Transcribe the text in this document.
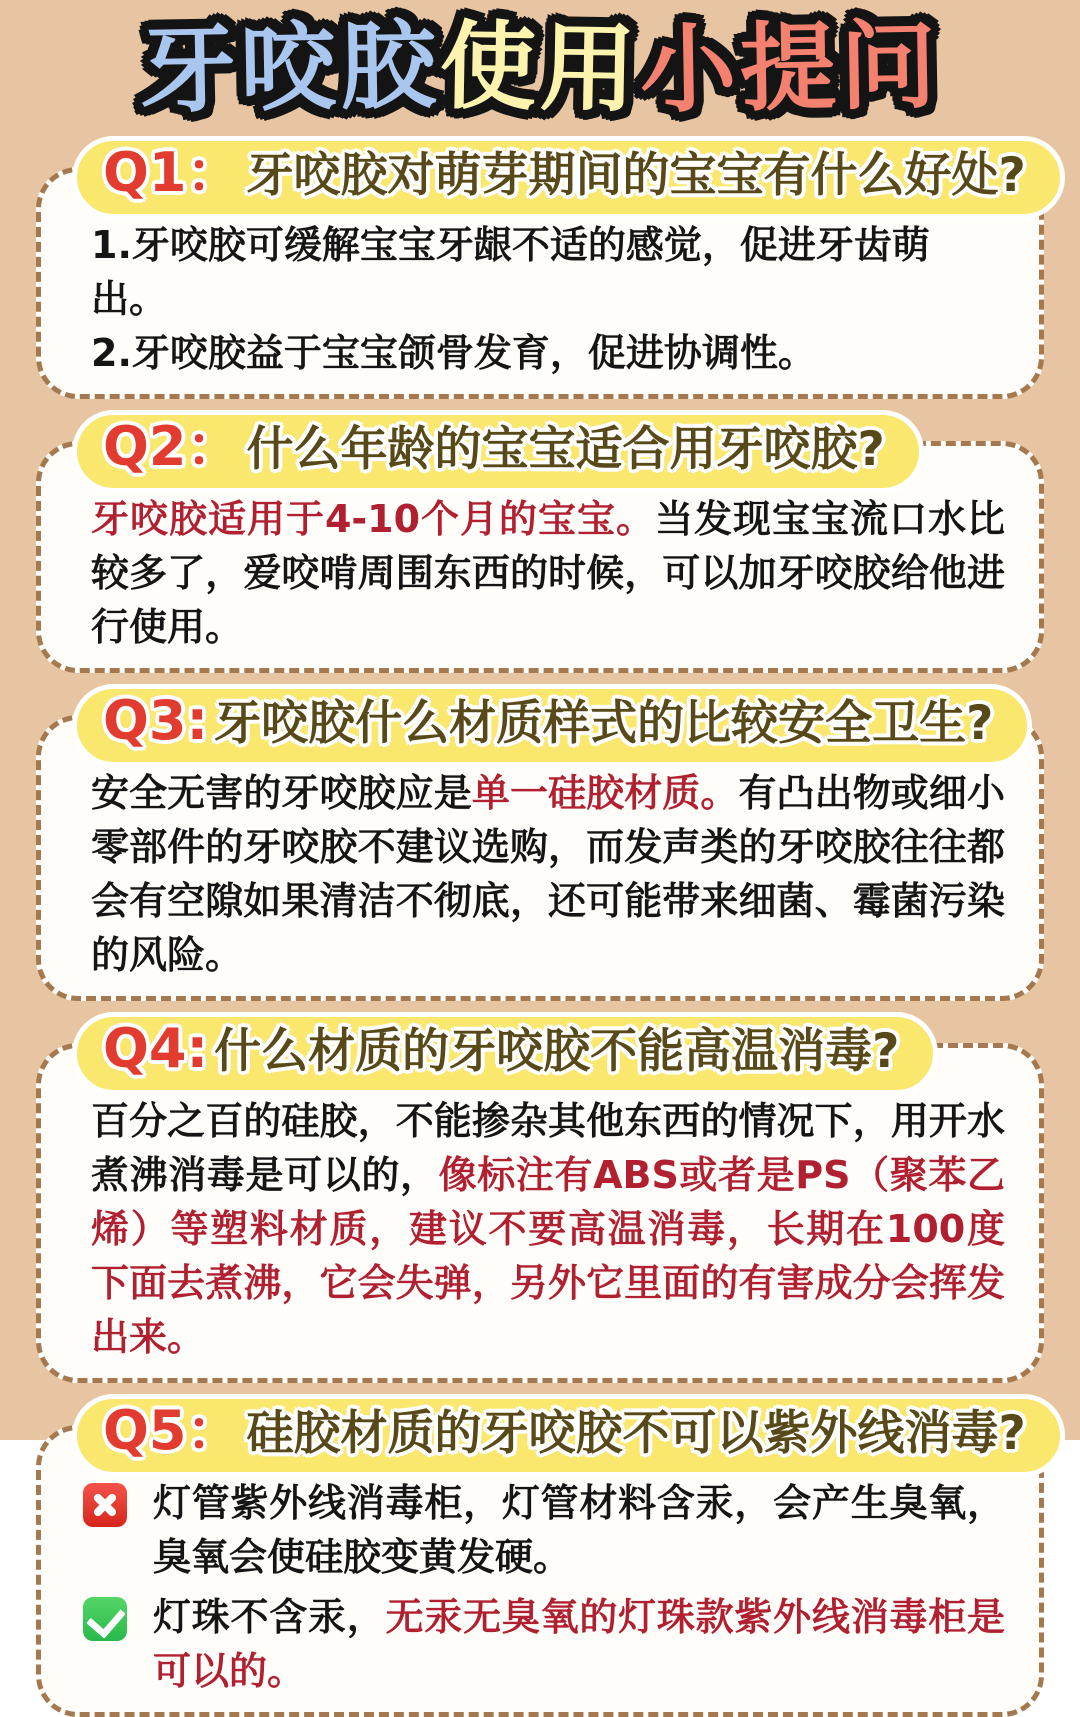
牙咬胶使用小提问
Q1： 牙咬胶对萌芽期间的宝宝有什么好处?

1.牙咬胶可缓解宝宝牙龈不适的感觉，促进牙齿萌出。

2.牙咬胶益于宝宝颌骨发育，促进协调性。

Q2： 什么年龄的宝宝适合用牙咬胶?

牙咬胶适用于4-10个月的宝宝。当发现宝宝流口水比较多了，爱咬啃周围东西的时候，可以加牙咬胶给他进行使用。

Q3: 牙咬胶什么材质样式的比较安全卫生?

安全无害的牙咬胶应是单一硅胶材质。有凸出物或细小零部件的牙咬胶不建议选购，而发声类的牙咬胶往往都会有空隙如果清洁不彻底，还可能带来细菌、霉菌污染的风险。

Q4: 什么材质的牙咬胶不能高温消毒?

百分之百的硅胶，不能掺杂其他东西的情况下，用开水煮沸消毒是可以的，像标注有ABS或者是PS（聚苯乙烯）等塑料材质，建议不要高温消毒，长期在100度下面去煮沸，它会失弹，另外它里面的有害成分会挥发出来。

Q5： 硅胶材质的牙咬胶不可以紫外线消毒?

灯管紫外线消毒柜，灯管材料含汞，会产生臭氧，臭氧会使硅胶变黄发硬。

灯珠不含汞，无汞无臭氧的灯珠款紫外线消毒柜是可以的。
